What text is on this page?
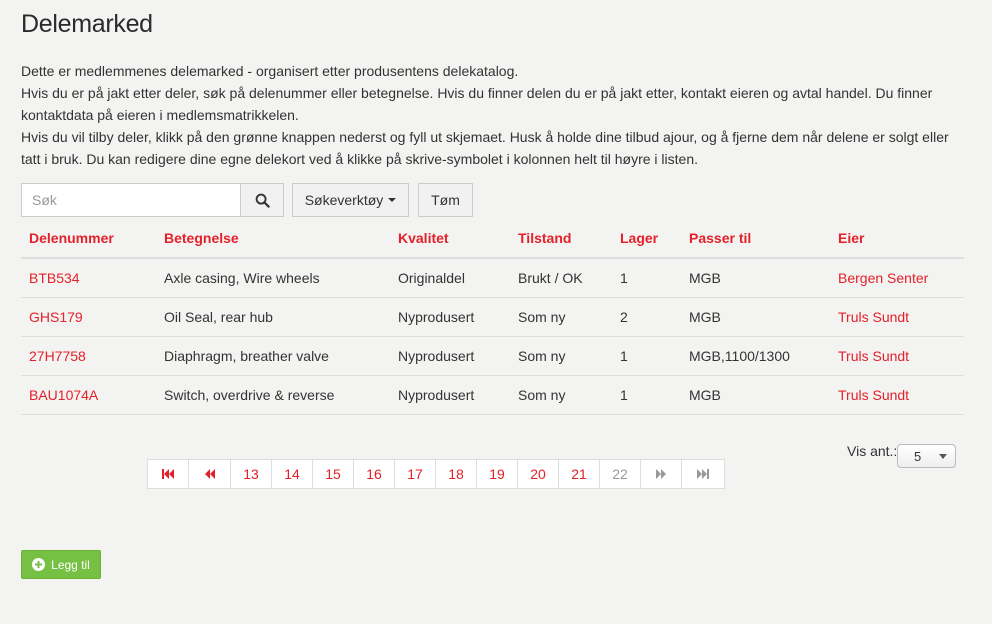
Delemarked

Dette er medlemmenes delemarked - organisert etter produsentens delekatalog.

Hvis du er på jakt etter deler, søk på delenummer eller betegnelse. Hvis du finner delen du er på jakt etter, kontakt eieren og avtal handel. Du finner kontaktdata på eieren i medlemsmatrikkelen.

Hvis du vil tilby deler, klikk på den grønne knappen nederst og fyll ut skjemaet. Husk å holde dine tilbud ajour, og å fjerne dem når delene er solgt eller tatt i bruk. Du kan redigere dine egne delekort ved å klikke på skrive-symbolet i kolonnen helt til høyre i listen.

Søk
Søkeverktøy	Tøm
Delenummer	Betegnelse	Kvalitet	Tilstand	Lager	Passer til	Eier
BTB534	Axle casing, Wire wheels	Originaldel	Brukt / OK	1	MGB	Bergen Senter
GHS179	Oil Seal, rear hub	Nyprodusert	Som ny	2	MGB	Truls Sundt
27H7758	Diaphragm, breather valve	Nyprodusert	Som ny	1	MGB,1100/1300	Truls Sundt
BAU1074A	Switch, overdrive & reverse	Nyprodusert	Som ny	1	MGB	Truls Sundt
13	14	15	16	17	18	19	20	21	22
Vis ant.: 5
Legg til
